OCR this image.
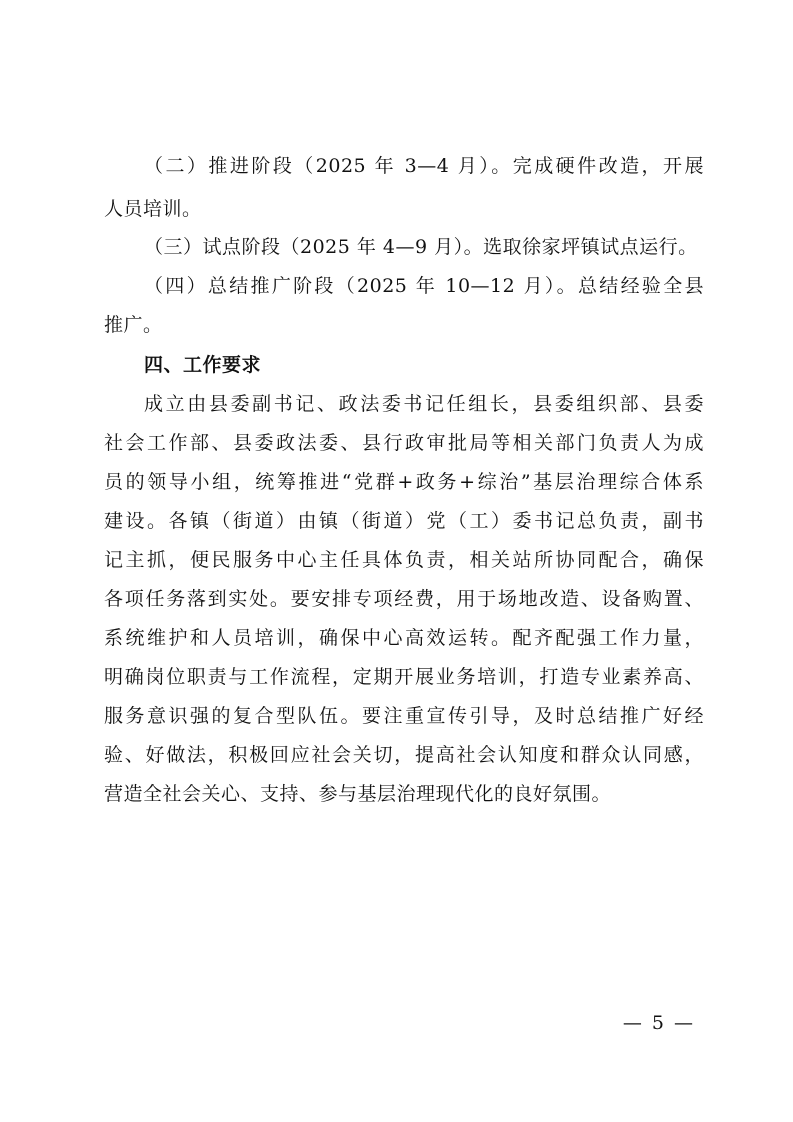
（二）推进阶段（2025 年 3—4 月）。完成硬件改造，开展
人员培训。
（三）试点阶段（2025 年 4—9 月）。选取徐家坪镇试点运行。
（四）总结推广阶段（2025 年 10—12 月）。总结经验全县
推广。
四、工作要求
成立由县委副书记、政法委书记任组长，县委组织部、县委
社会工作部、县委政法委、县行政审批局等相关部门负责人为成
员的领导小组，统筹推进“党群+政务+综治”基层治理综合体系
建设。各镇（街道）由镇（街道）党（工）委书记总负责，副书
记主抓，便民服务中心主任具体负责，相关站所协同配合，确保
各项任务落到实处。要安排专项经费，用于场地改造、设备购置、
系统维护和人员培训，确保中心高效运转。配齐配强工作力量，
明确岗位职责与工作流程，定期开展业务培训，打造专业素养高、
服务意识强的复合型队伍。要注重宣传引导，及时总结推广好经
验、好做法，积极回应社会关切，提高社会认知度和群众认同感，
营造全社会关心、支持、参与基层治理现代化的良好氛围。
— 5 —
